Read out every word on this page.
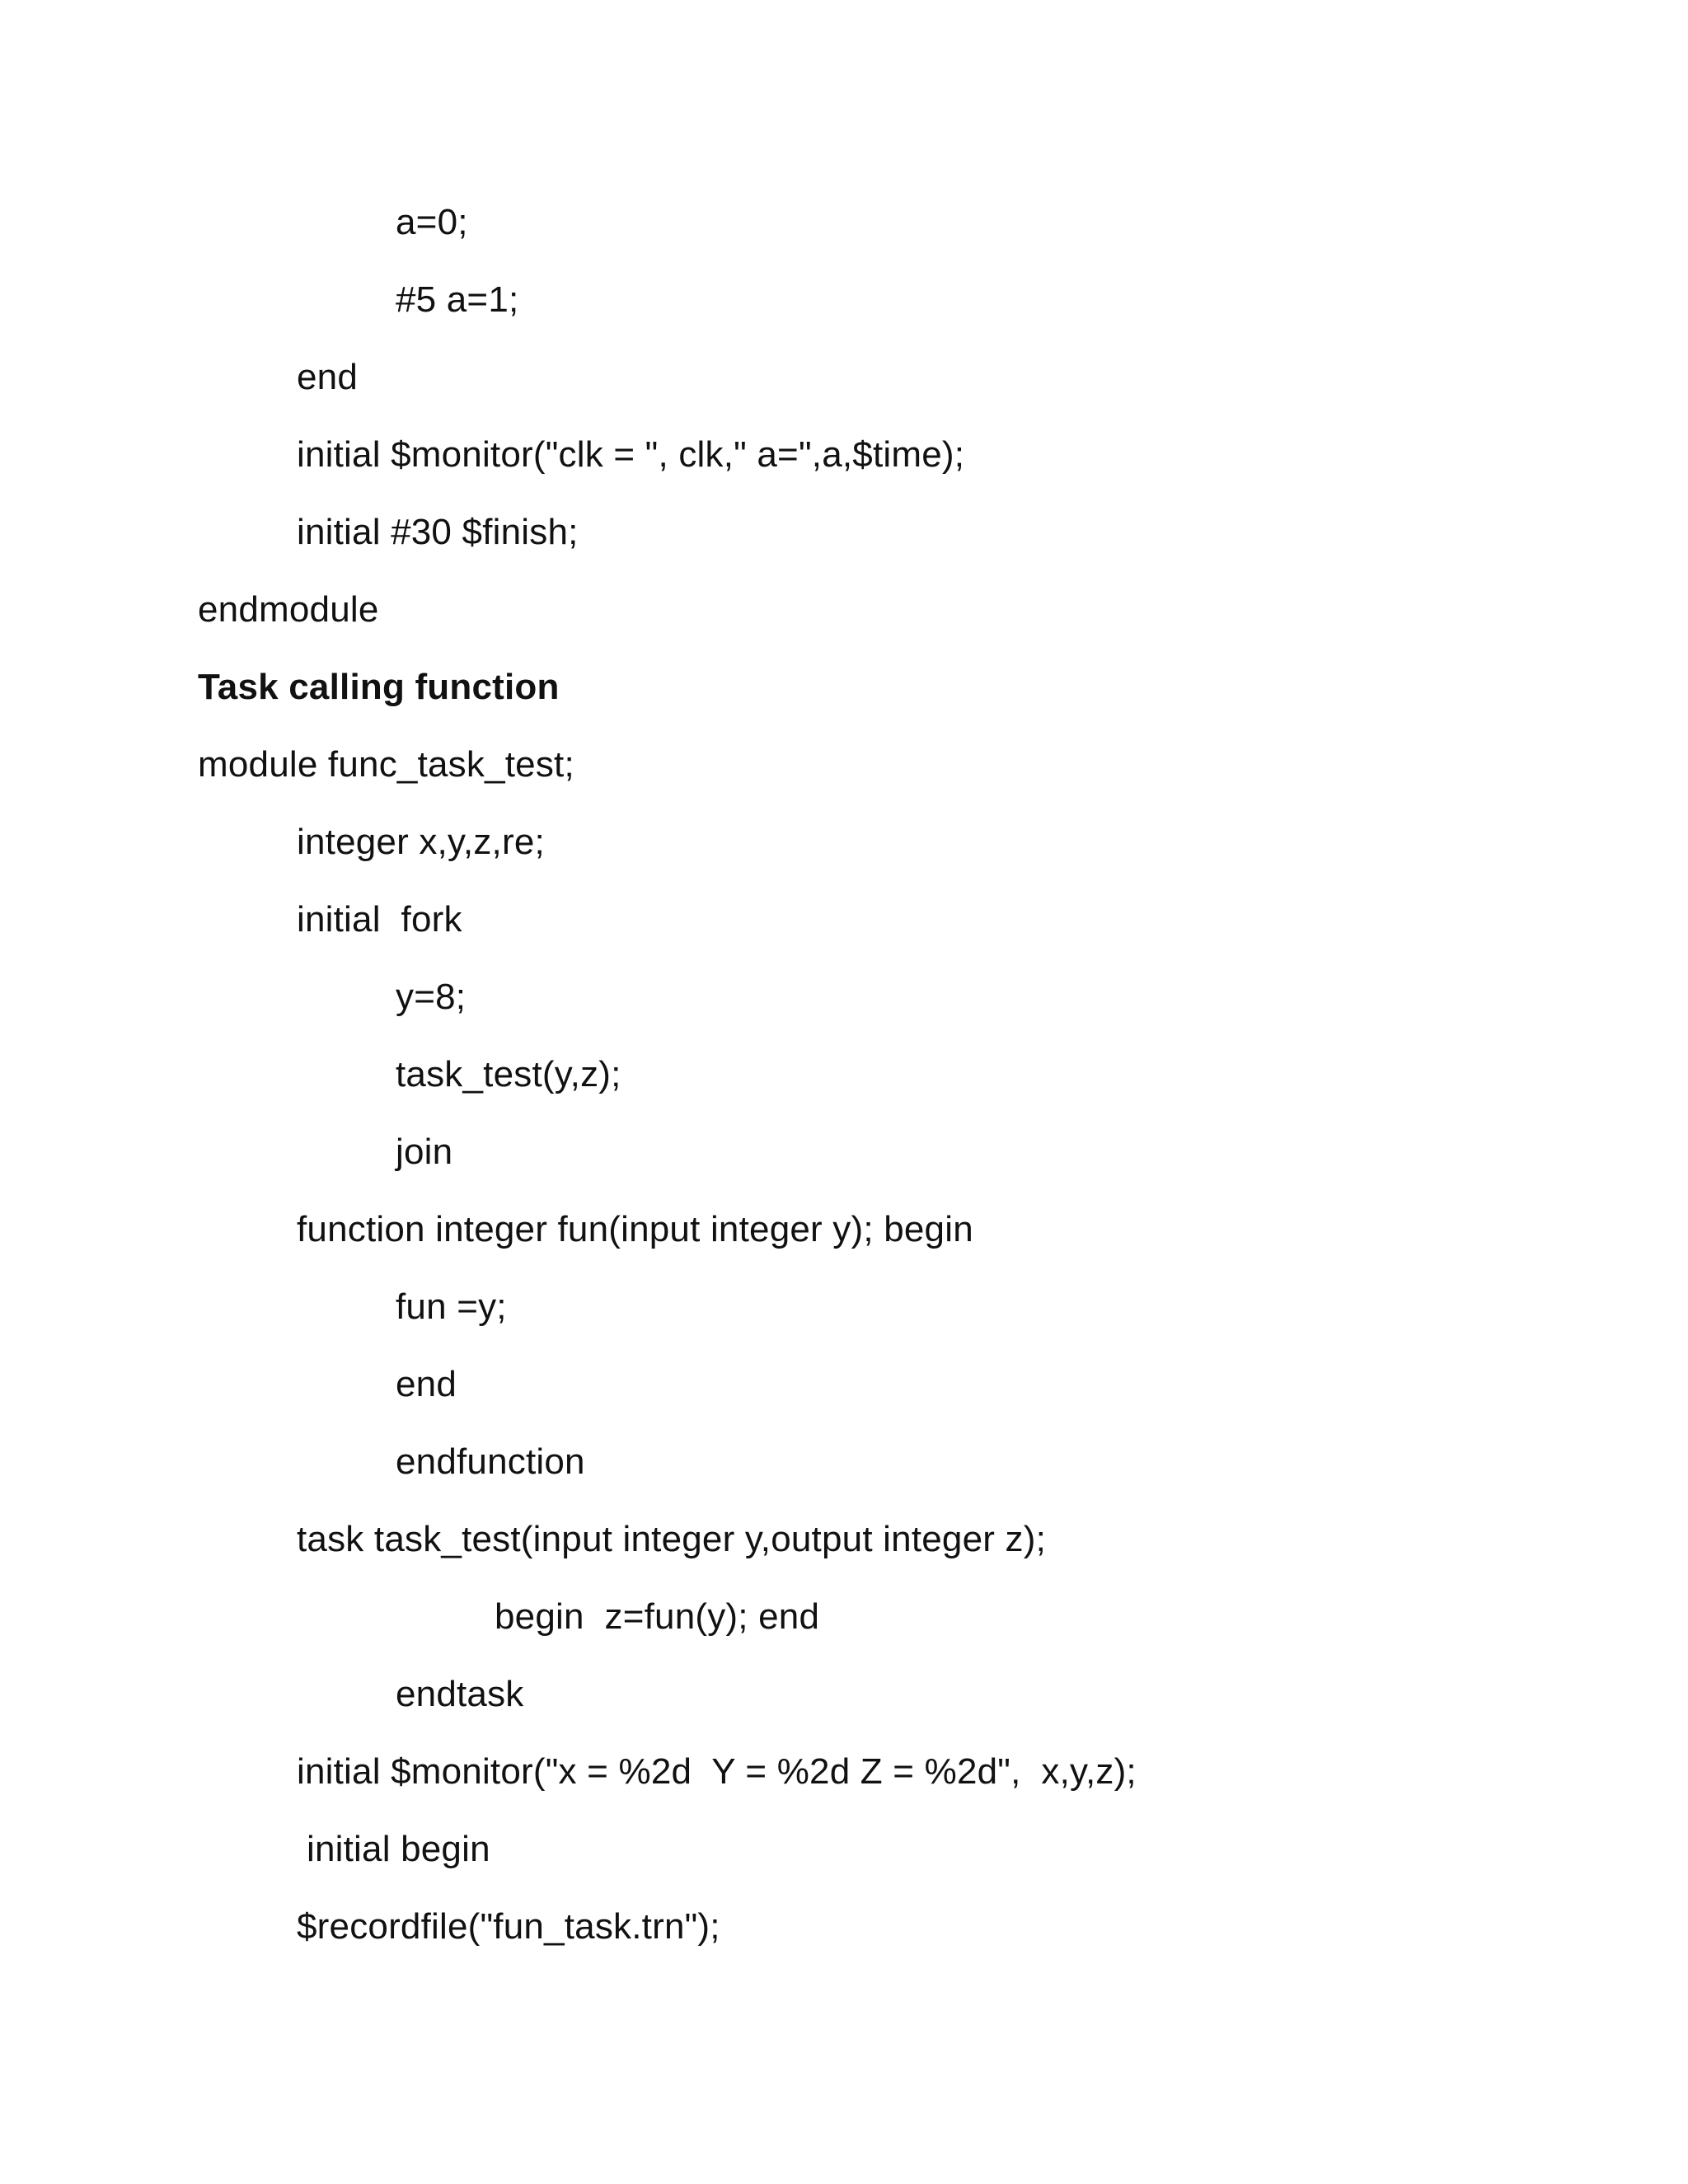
a=0;
#5 a=1;
end
initial $monitor("clk = ", clk," a=",a,$time);
initial #30 $finish;
endmodule
Task calling function
module func_task_test;
integer x,y,z,re;
initial  fork
y=8;
task_test(y,z);
join
function integer fun(input integer y); begin
fun =y;
end
endfunction
task task_test(input integer y,output integer z);
begin  z=fun(y); end
endtask
initial $monitor("x = %2d  Y = %2d Z = %2d",  x,y,z);
initial begin
$recordfile("fun_task.trn");
